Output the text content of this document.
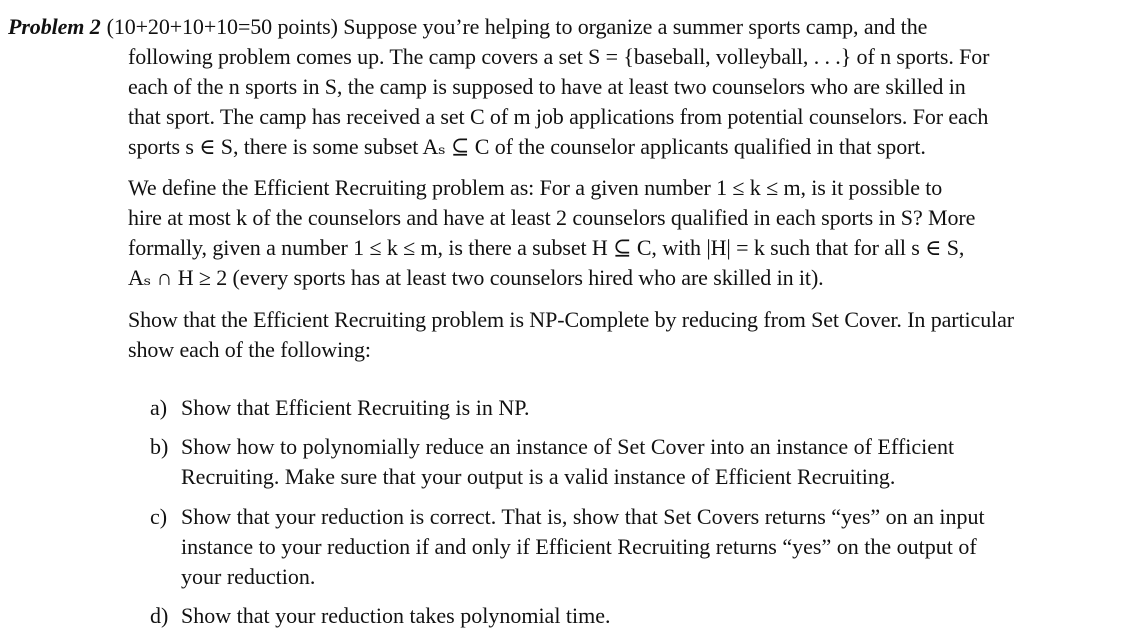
Problem 2 (10+20+10+10=50 points) Suppose you’re helping to organize a summer sports camp, and the
following problem comes up. The camp covers a set S = {baseball, volleyball, . . .} of n sports. For
each of the n sports in S, the camp is supposed to have at least two counselors who are skilled in
that sport. The camp has received a set C of m job applications from potential counselors. For each
sports s ∈ S, there is some subset Aₛ ⊆ C of the counselor applicants qualified in that sport.
We define the Efficient Recruiting problem as: For a given number 1 ≤ k ≤ m, is it possible to
hire at most k of the counselors and have at least 2 counselors qualified in each sports in S? More
formally, given a number 1 ≤ k ≤ m, is there a subset H ⊆ C, with |H| = k such that for all s ∈ S,
Aₛ ∩ H ≥ 2 (every sports has at least two counselors hired who are skilled in it).
Show that the Efficient Recruiting problem is NP-Complete by reducing from Set Cover. In particular
show each of the following:
a) Show that Efficient Recruiting is in NP.
b) Show how to polynomially reduce an instance of Set Cover into an instance of Efficient
Recruiting. Make sure that your output is a valid instance of Efficient Recruiting.
c) Show that your reduction is correct. That is, show that Set Covers returns “yes” on an input
instance to your reduction if and only if Efficient Recruiting returns “yes” on the output of
your reduction.
d) Show that your reduction takes polynomial time.
